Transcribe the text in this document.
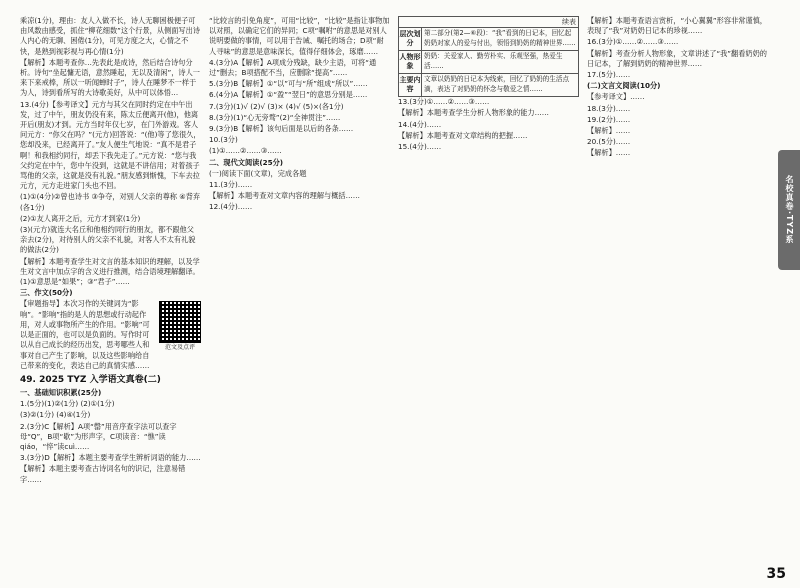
乘凉(1分)，理由：友人入做不长，诗人无聊困极便子可由风数由感受，抓住“柳花细数”这个行景，从侧面写出诗人内心的无聊、困倦(1分)，可见方度之大，心情之不快，是熟到视彩视与再心情(1分)

【解析】本题考查你…先表此是成诗，然后结合诗句分析。诗句“坐起慵无语，意然睡起，无以及清闲”，诗人一来下来戒棒，所以一听闻蝉时子”，诗人在睡梦不一样于为人，诗到看所写的大诗歌美好，从中可以体悟…

13.(4分)【参考译文】元方与其父在同时约定在中午出发，过了中午，朋友仍没有来，陈太丘便离开(他)，他离开后(朋友)才到。元方当时年仅七岁，在门外游戏。客人问元方：“你父在吗？”(元方)回答说：“(他)等了您很久，您却没来，已经离开了。”友人便生气地说：“真不是君子啊！和我相约同行，却丢下我先走了。”元方说：“您与我父约定在中午，您中午没到，这就是不讲信用；对着孩子骂他的父亲，这就是没有礼貌。”朋友感到惭愧，下车去拉元方，元方走进家门头也不回。

(1)①(4分)②曾也诗书 ③争夺，对别人父亲的尊称 ④背弃(各1分)

(2)①友人离开之后，元方才到家(1分)

(3)(元方)就连大名丘和他相约同行的朋友，都不跟他父亲去(2分)，对待别人的父亲不礼貌，对客人不太有礼貌的做法(2分)

【解析】本题考查学生对文言的基本知识的理解，以及学生对文言中加点字的含义进行推测，结合语境理解翻译。(1)①意思是“如果”；③“君子”……

三、作文(50分)

范文及点评

【审题指导】本次习作的关键词为“影响”。“影响”指的是人的思想或行动起作用，对人或事物所产生的作用。“影响”可以是正面的，也可以是负面的。写作时可以从自己成长的经历出发，思考哪些人和事对自己产生了影响，以及这些影响给自己带来的变化，表达自己的真情实感……

49. 2025 TYZ 入学语文真卷(二)

一、基础知识积累(25分)

1.(5分)(1)②(1分) (2)①(1分)

(3)②(1分) (4)④(1分)

2.(3分)C【解析】A项“罄”用音序查字法可以查字母“Q”，B项“歇”为形声字，C项读音：“憔”读qiáo，“悴”读cuì……

3.(3分)D【解析】本题主要考查学生辨析词语的能力……

【解析】本题主要考查古诗词名句的识记，注意易错字……

“比较言的引免角度”，可用“比较”，“比较”是指让事物加以对照，以确定它们的异同；C项“嘱咐”的意思是对别人说明要做的事情，可以用于告诫、嘱托的场合；D项“耐人寻味”的意思是意味深长，值得仔细体会，琢磨……

4.(3分)A【解析】A项成分残缺，缺少主语，可将“通过”删去；B项搭配不当，应删除“提高”……

5.(3分)B【解析】①“以”可与“所”组成“所以”……

6.(4分)A【解析】①“盈”“翌日”的意思分别是……

7.(3分)(1)√ (2)√ (3)× (4)√ (5)×(各1分)

8.(3分)(1)“心无旁骛”(2)“全神贯注”……

9.(3分)B【解析】该句后面是以后的各条……

10.(3分)

(1)①……②……③……

二、现代文阅读(25分)

(一)阅读下面(文章)，完成各题

11.(3分)……

【解析】本题考查对文章内容的理解与概括……

12.(4分)……

续表
层次划分
第二部分(第2—⑥段)：“我”看到的日记本，回忆起奶奶对家人的爱与付出，领悟到奶奶的精神世界……
人物形象
奶奶：关爱家人、勤劳朴实、乐观坚强，热爱生活……
主要内容
文章以奶奶的日记本为线索，回忆了奶奶的生活点滴，表达了对奶奶的怀念与敬爱之情……

13.(3分)①……②……③……

【解析】本题考查学生分析人物形象的能力……

14.(4分)……

【解析】本题考查对文章结构的把握……

15.(4分)……

【解析】本题考查语言赏析，“小心翼翼”形容非常谨慎，表现了“我”对奶奶日记本的珍视……

16.(3分)①……②……③……

【解析】考查分析人物形象，文章讲述了“我”翻看奶奶的日记本，了解到奶奶的精神世界……

17.(5分)……

(二)文言文阅读(10分)

【参考译文】……

18.(3分)……

19.(2分)……

【解析】……

20.(5分)……

【解析】……

名校真卷·TYZ系
35
